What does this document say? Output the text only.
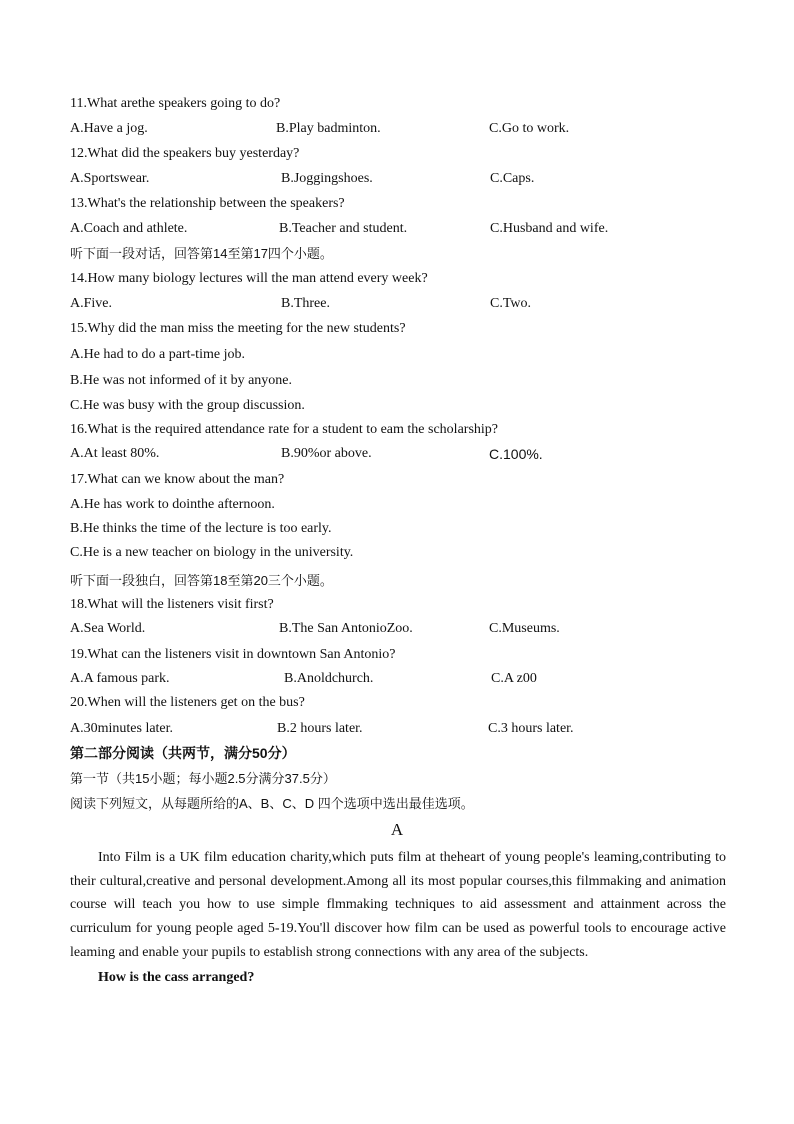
11.What arethe speakers going to do?
A.Have a jog.	B.Play badminton.	C.Go to work.
12.What did the speakers buy yesterday?
A.Sportswear.	B.Joggingshoes.	C.Caps.
13.What's the relationship between the speakers?
A.Coach and athlete.	B.Teacher and student.	C.Husband and wife.
听下面一段对话，回答第14至第17四个小题。
14.How many biology lectures will the man attend every week?
A.Five.	B.Three.	C.Two.
15.Why did the man miss the meeting for the new students?
A.He had to do a part-time job.
B.He was not informed of it by anyone.
C.He was busy with the group discussion.
16.What is the required attendance rate for a student to eam the scholarship?
A.At least 80%.	B.90%or above.	C.100%.
17.What can we know about the man?
A.He has work to dointhe afternoon.
B.He thinks the time of the lecture is too early.
C.He is a new teacher on biology in the university.
听下面一段独白，回答第18至第20三个小题。
18.What will the listeners visit first?
A.Sea World.	B.The San AntonioZoo.	C.Museums.
19.What can the listeners visit in downtown San Antonio?
A.A famous park.	B.Anoldchurch.	C.A z00
20.When will the listeners get on the bus?
A.30minutes later.	B.2 hours later.	C.3 hours later.
第二部分阅读（共两节，满分50分）
第一节（共15小题；每小题2.5分满分37.5分）
阅读下列短文，从每题所给的A、B、C、D 四个选项中选出最佳选项。
A
Into Film is a UK film education charity,which puts film at theheart of young people's leaming,contributing to their cultural,creative and personal development.Among all its most popular courses,this filmmaking and animation course will teach you how to use simple flmmaking techniques to aid assessment and attainment across the curriculum for young people aged 5-19.You'll discover how film can be used as powerful tools to encourage active leaming and enable your pupils to establish strong connections with any area of the subjects.
How is the cass arranged?
